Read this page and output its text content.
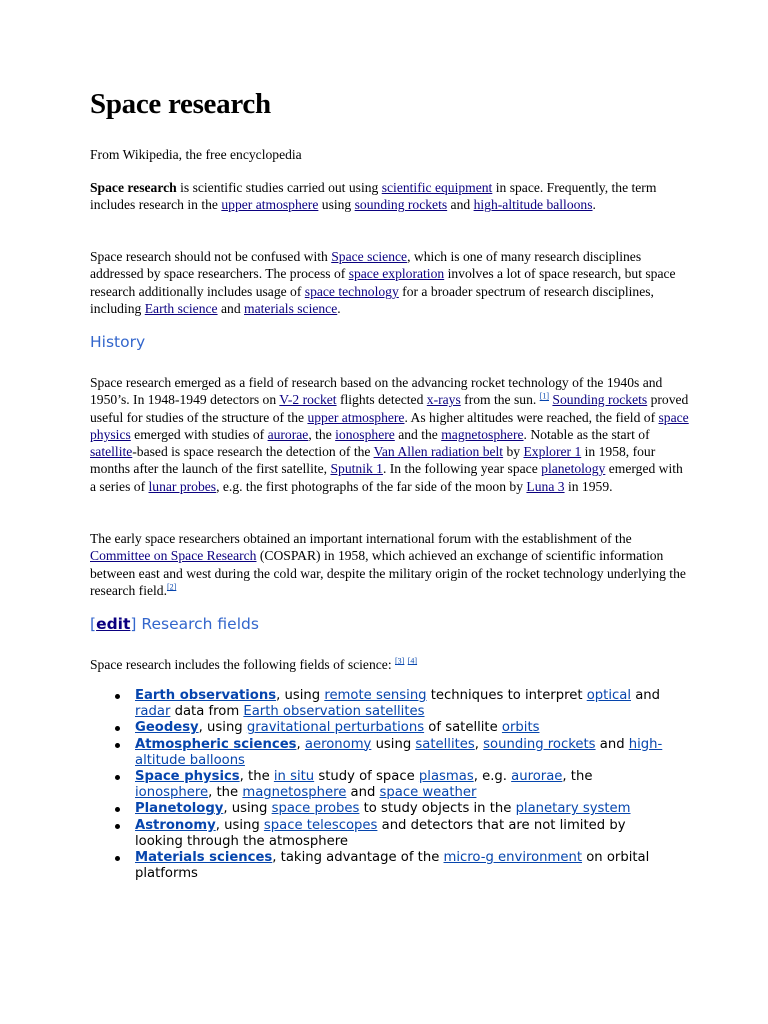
Space research

From Wikipedia, the free encyclopedia

Space research is scientific studies carried out using scientific equipment in space. Frequently, the term includes research in the upper atmosphere using sounding rockets and high-altitude balloons.

Space research should not be confused with Space science, which is one of many research disciplines addressed by space researchers. The process of space exploration involves a lot of space research, but space research additionally includes usage of space technology for a broader spectrum of research disciplines, including Earth science and materials science.

History

Space research emerged as a field of research based on the advancing rocket technology of the 1940s and 1950’s. In 1948-1949 detectors on V-2 rocket flights detected x-rays from the sun. [1] Sounding rockets proved useful for studies of the structure of the upper atmosphere. As higher altitudes were reached, the field of space physics emerged with studies of aurorae, the ionosphere and the magnetosphere. Notable as the start of satellite-based is space research the detection of the Van Allen radiation belt by Explorer 1 in 1958, four months after the launch of the first satellite, Sputnik 1. In the following year space planetology emerged with a series of lunar probes, e.g. the first photographs of the far side of the moon by Luna 3 in 1959.

The early space researchers obtained an important international forum with the establishment of the Committee on Space Research (COSPAR) in 1958, which achieved an exchange of scientific information between east and west during the cold war, despite the military origin of the rocket technology underlying the research field.[2]

[edit] Research fields

Space research includes the following fields of science: [3] [4]

Earth observations, using remote sensing techniques to interpret optical and radar data from Earth observation satellites
Geodesy, using gravitational perturbations of satellite orbits
Atmospheric sciences, aeronomy using satellites, sounding rockets and high-altitude balloons
Space physics, the in situ study of space plasmas, e.g. aurorae, the ionosphere, the magnetosphere and space weather
Planetology, using space probes to study objects in the planetary system
Astronomy, using space telescopes and detectors that are not limited by looking through the atmosphere
Materials sciences, taking advantage of the micro-g environment on orbital platforms
